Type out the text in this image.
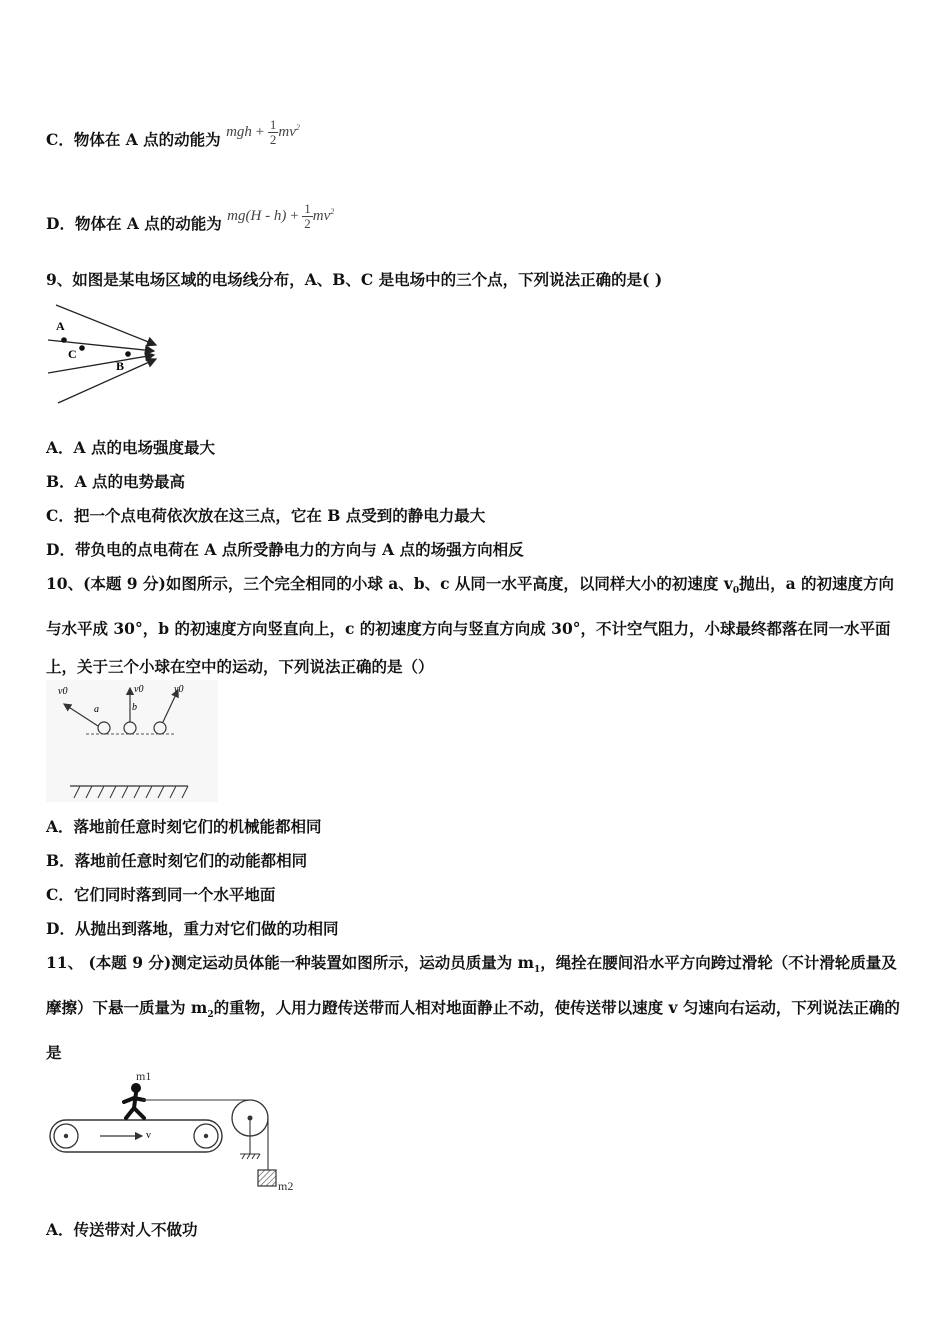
C．物体在 A 点的动能为 mgh + $\frac{1}{2} mv^2$
D．物体在 A 点的动能为 $mg(H - h) + \frac{1}{2} mv^2$
9、如图是某电场区域的电场线分布，A、B、C 是电场中的三个点，下列说法正确的是( )
A
C
B
A．A 点的电场强度最大
B．A 点的电势最高
C．把一个点电荷依次放在这三点，它在 B 点受到的静电力最大
D．带负电的点电荷在 A 点所受静电力的方向与 A 点的场强方向相反
10、(本题 9 分)如图所示，三个完全相同的小球 a、b、c 从同一水平高度，以同样大小的初速度 $v_0$抛出，a 的初速度方向与水平成 30°，b 的初速度方向竖直向上，c 的初速度方向与竖直方向成 30°，不计空气阻力，小球最终都落在同一水平面上，关于三个小球在空中的运动，下列说法正确的是（）
v0
a
v0
b
v0
A．落地前任意时刻它们的机械能都相同
B．落地前任意时刻它们的动能都相同
C．它们同时落到同一个水平地面
D．从抛出到落地，重力对它们做的功相同
11、 (本题 9 分)测定运动员体能一种装置如图所示，运动员质量为 $m_1$，绳拴在腰间沿水平方向跨过滑轮（不计滑轮质量及摩擦）下悬一质量为 $m_2$的重物，人用力蹬传送带而人相对地面静止不动，使传送带以速度 v 匀速向右运动，下列说法正确的是
v
m1
m2
A．传送带对人不做功
